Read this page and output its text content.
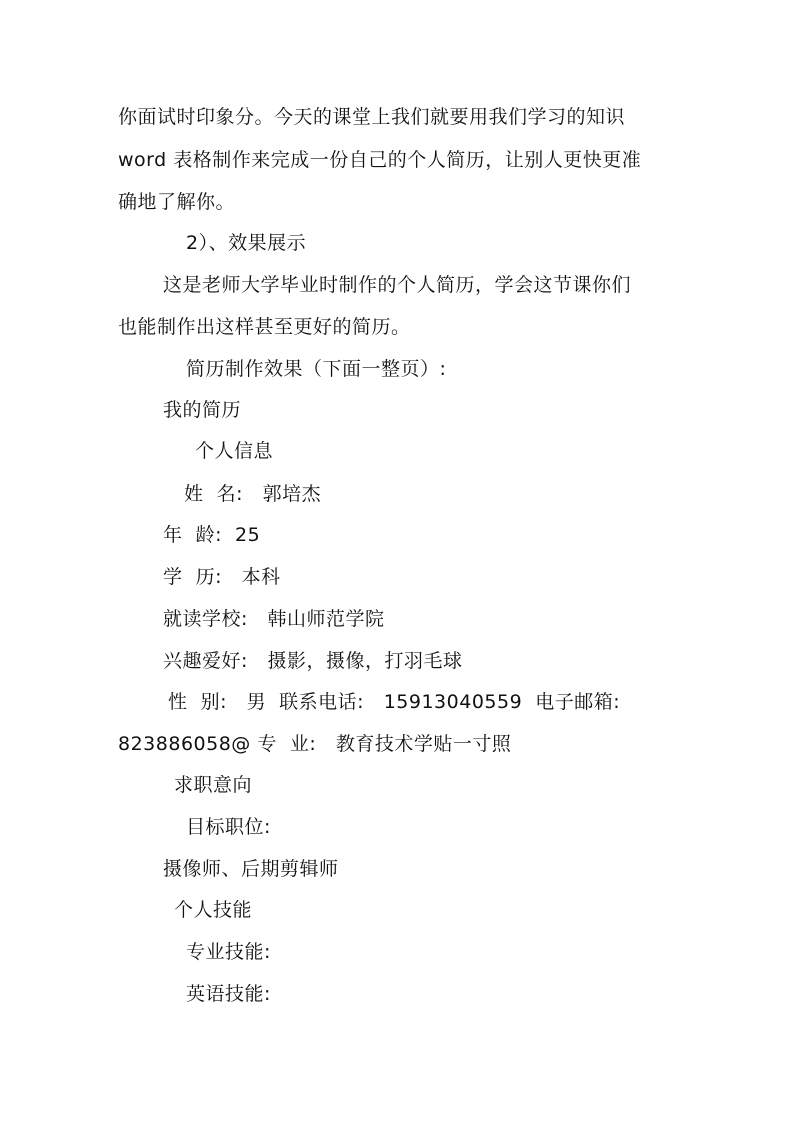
你面试时印象分。今天的课堂上我们就要用我们学习的知识
word 表格制作来完成一份自己的个人简历，让别人更快更准
确地了解你。
2）、效果展示
这是老师大学毕业时制作的个人简历，学会这节课你们
也能制作出这样甚至更好的简历。
简历制作效果（下面一整页）:
我的简历
个人信息
姓  名:   郭培杰
年  龄:  25
学  历:   本科
就读学校:   韩山师范学院
兴趣爱好:   摄影，摄像，打羽毛球
性  别:   男  联系电话:   15913040559  电子邮箱:
823886058@ 专  业:   教育技术学贴一寸照
求职意向
目标职位:
摄像师、后期剪辑师
个人技能
专业技能:
英语技能:
